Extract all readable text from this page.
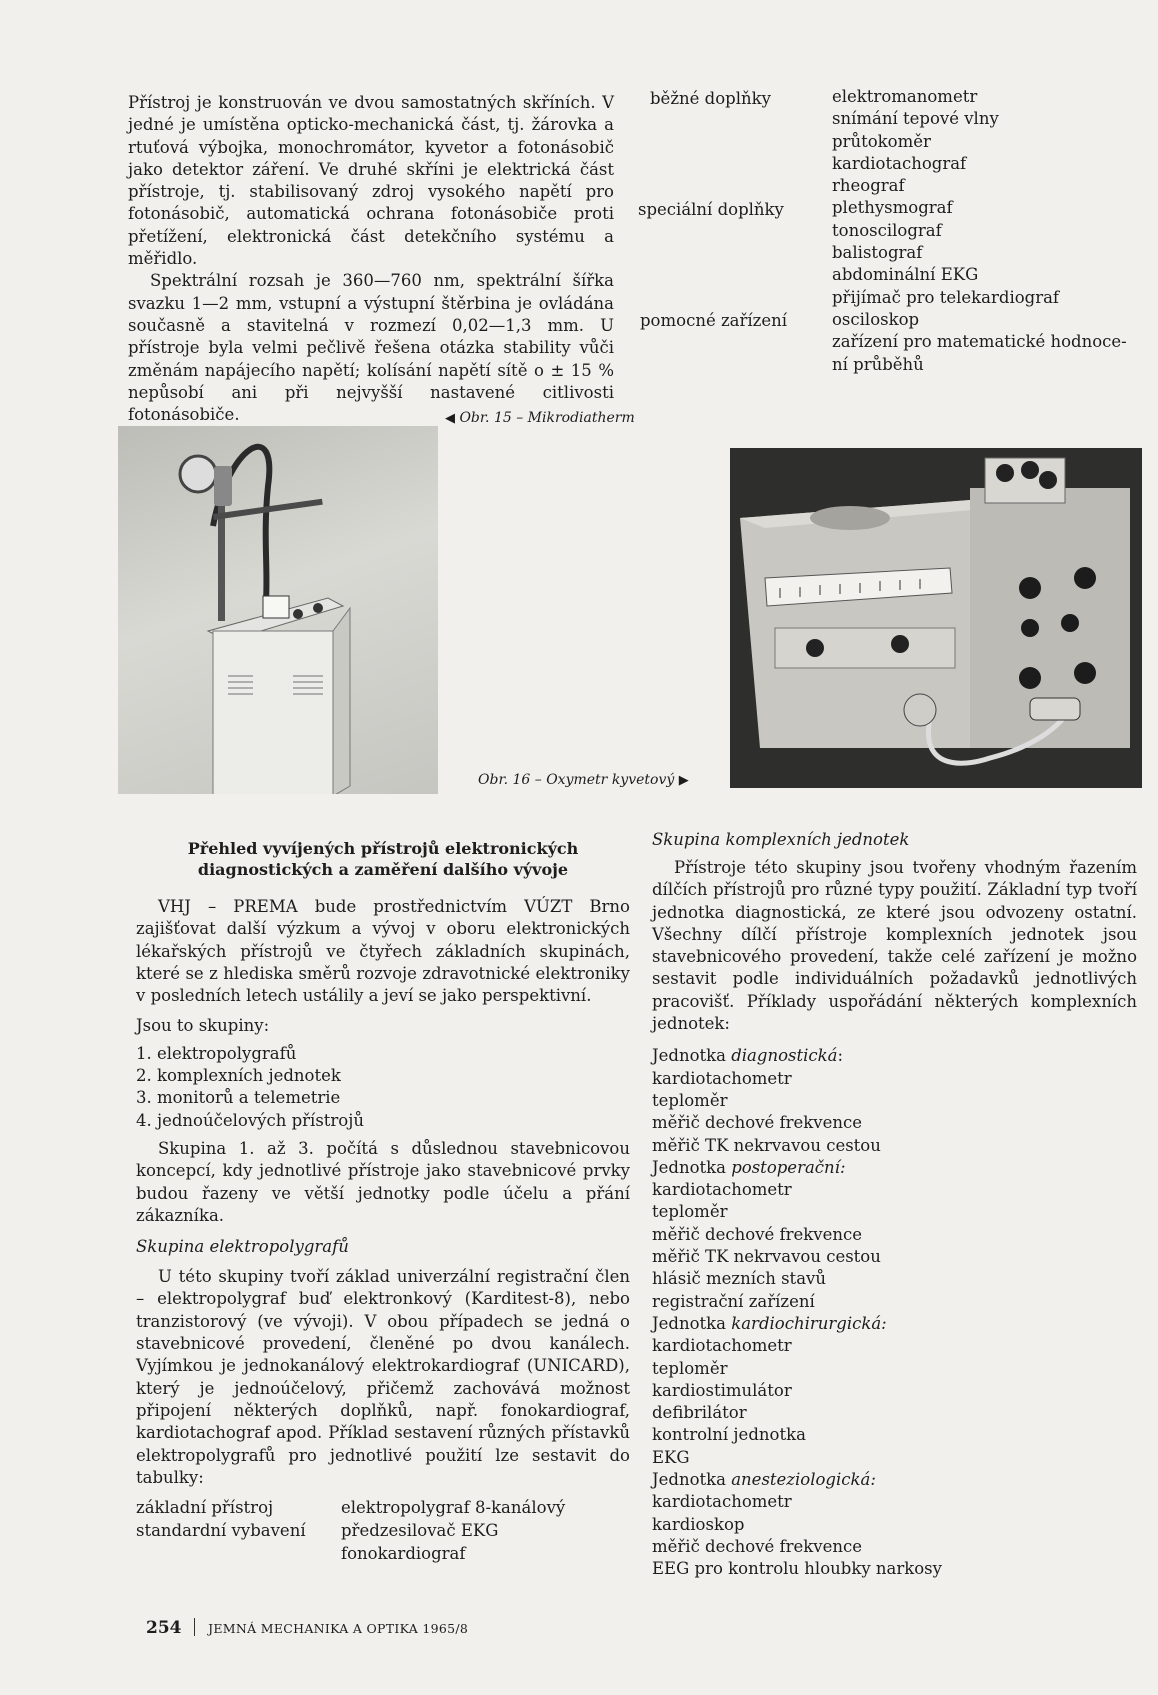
Přístroj je konstruován ve dvou samostatných skříních. V jedné je umístěna opticko-mechanická část, tj. žárovka a rtuťová výbojka, monochromátor, kyvetor a fotonásobič jako detektor záření. Ve druhé skříni je elektrická část přístroje, tj. stabilisovaný zdroj vysokého napětí pro fotonásobič, automatická ochrana fotonásobiče proti přetížení, elektronická část detekčního systému a měřidlo.

Spektrální rozsah je 360—760 nm, spektrální šířka svazku 1—2 mm, vstupní a výstupní štěrbina je ovládána současně a stavitelná v rozmezí 0,02—1,3 mm. U přístroje byla velmi pečlivě řešena otázka stability vůči změnám napájecího napětí; kolísání napětí sítě o ± 15 % nepůsobí ani při nejvyšší nastavené citlivosti fotonásobiče.

běžné doplňky
speciální doplňky
pomocné zařízení
elektromanometr
snímání tepové vlny
průtokoměr
kardiotachograf
rheograf
plethysmograf
tonoscilograf
balistograf
abdominální EKG
přijímač pro telekardiograf
osciloskop
zařízení pro matematické hodnoce-
ní průběhů
◀ Obr. 15 – Mikrodiatherm
Obr. 16 – Oxymetr kyvetový ▶
Přehled vyvíjených přístrojů elektronických diagnostických a zaměření dalšího vývoje
VHJ – PREMA bude prostřednictvím VÚZT Brno zajišťovat další výzkum a vývoj v oboru elektronických lékařských přístrojů ve čtyřech základních skupinách, které se z hlediska směrů rozvoje zdravotnické elektroniky v posledních letech ustálily a jeví se jako perspektivní.
Jsou to skupiny:
1. elektropolygrafů
2. komplexních jednotek
3. monitorů a telemetrie
4. jednoúčelových přístrojů
Skupina 1. až 3. počítá s důslednou stavebnicovou koncepcí, kdy jednotlivé přístroje jako stavebnicové prvky budou řazeny ve větší jednotky podle účelu a přání zákazníka.
Skupina elektropolygrafů
U této skupiny tvoří základ univerzální registrační člen – elektropolygraf buď elektronkový (Karditest-8), nebo tranzistorový (ve vývoji). V obou případech se jedná o stavebnicové provedení, členěné po dvou kanálech. Vyjímkou je jednokanálový elektrokardiograf (UNICARD), který je jednoúčelový, přičemž zachovává možnost připojení některých doplňků, např. fonokardiograf, kardiotachograf apod. Příklad sestavení různých přístavků elektropolygrafů pro jednotlivé použití lze sestavit do tabulky:
základní přístroj	elektropolygraf 8-kanálový
standardní vybavení předzesilovač EKG
fonokardiograf
Skupina komplexních jednotek
Přístroje této skupiny jsou tvořeny vhodným řazením dílčích přístrojů pro různé typy použití. Základní typ tvoří jednotka diagnostická, ze které jsou odvozeny ostatní. Všechny dílčí přístroje komplexních jednotek jsou stavebnicového provedení, takže celé zařízení je možno sestavit podle individuálních požadavků jednotlivých pracovišť. Příklady uspořádání některých komplexních jednotek:
Jednotka diagnostická:
kardiotachometr
teploměr
měřič dechové frekvence
měřič TK nekrvavou cestou
Jednotka postoperační:
kardiotachometr
teploměr
měřič dechové frekvence
měřič TK nekrvavou cestou
hlásič mezních stavů
registrační zařízení
Jednotka kardiochirurgická:
kardiotachometr
teploměr
kardiostimulátor
defibrilátor
kontrolní jednotka
EKG
Jednotka anesteziologická:
kardiotachometr
kardioskop
měřič dechové frekvence
EEG pro kontrolu hloubky narkosy
254 JEMNÁ MECHANIKA A OPTIKA 1965/8
